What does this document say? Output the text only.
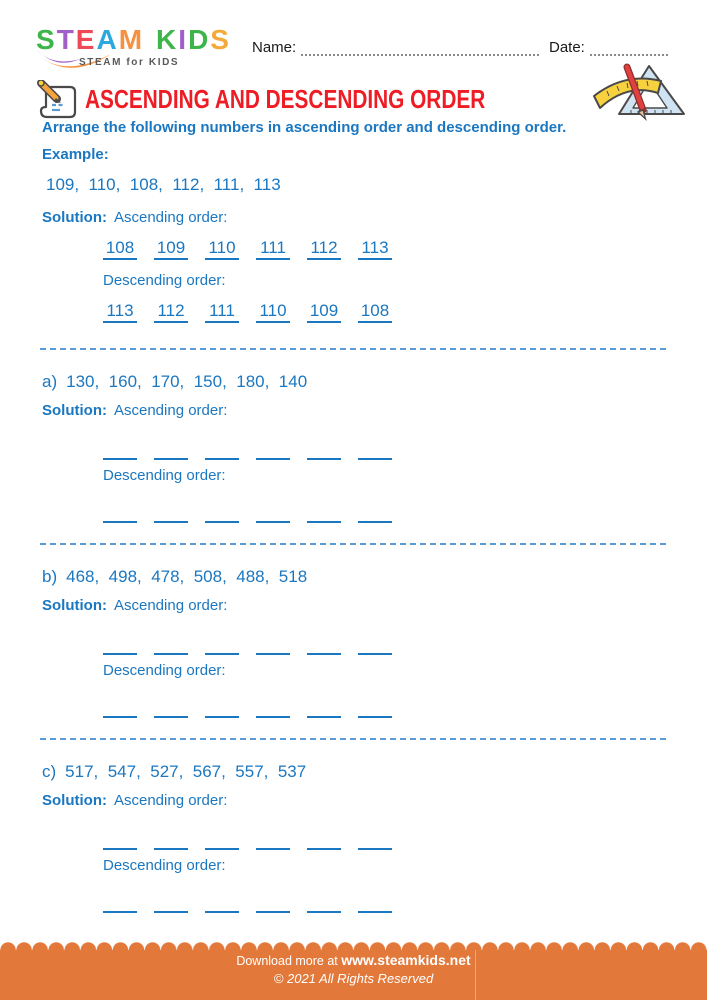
STEAM KIDS
STEAM for KIDS
Name:	Date:
ASCENDING AND DESCENDING ORDER

Arrange the following numbers in ascending order and descending order.

Example:

109,  110,  108,  112,  111,  113

Solution: Ascending order:
108 109 110 111 112 113
Descending order:
113 112 111 110 109 108
a) 130,  160,  170,  150,  180,  140
Solution: Ascending order:
Descending order:
b) 468,  498,  478,  508,  488,  518
Solution: Ascending order:
Descending order:
c) 517,  547,  527,  567,  557,  537
Solution: Ascending order:
Descending order:
Download more at www.steamkids.net
© 2021 All Rights Reserved
